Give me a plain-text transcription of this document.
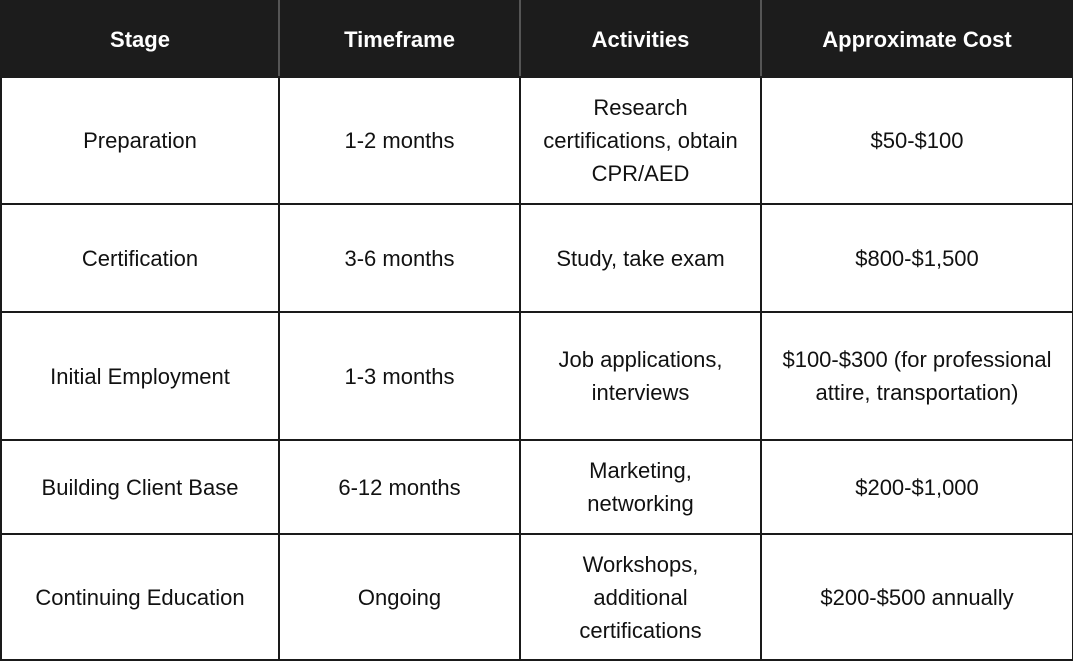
Stage	Timeframe	Activities	Approximate Cost
Preparation	1-2 months	Research certifications, obtain CPR/AED	$50-$100
Certification	3-6 months	Study, take exam	$800-$1,500
Initial Employment	1-3 months	Job applications, interviews	$100-$300 (for professional attire, transportation)
Building Client Base	6-12 months	Marketing, networking	$200-$1,000
Continuing Education	Ongoing	Workshops, additional certifications	$200-$500 annually
